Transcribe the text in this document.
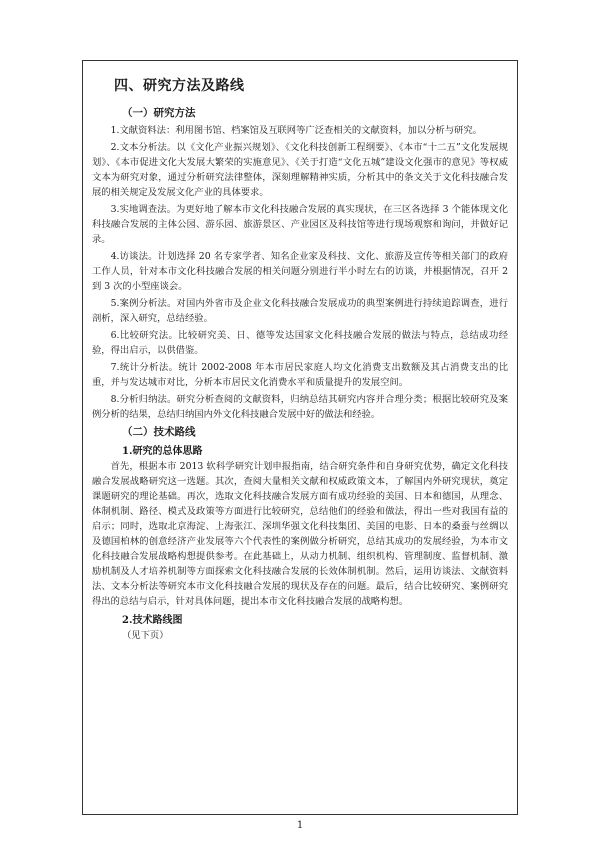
四、研究方法及路线
（一）研究方法

1.文献资料法：利用图书馆、档案馆及互联网等广泛查相关的文献资料，加以分析与研究。

2.文本分析法。以《文化产业振兴规划》、《文化科技创新工程纲要》、《本市“十二五”文化发展规划》、《本市促进文化大发展大繁荣的实施意见》、《关于打造“文化五城”建设文化强市的意见》等权威文本为研究对象，通过分析研究法律整体，深刻理解精神实质，分析其中的条文关于文化科技融合发展的相关规定及发展文化产业的具体要求。

3.实地调查法。为更好地了解本市文化科技融合发展的真实现状，在三区各选择 3 个能体现文化科技融合发展的主体公园、游乐园、旅游景区、产业园区及科技馆等进行现场观察和询问，并做好记录。

4.访谈法。计划选择 20 名专家学者、知名企业家及科技、文化、旅游及宣传等相关部门的政府工作人员，针对本市文化科技融合发展的相关问题分别进行半小时左右的访谈，并根据情况，召开 2 到 3 次的小型座谈会。

5.案例分析法。对国内外省市及企业文化科技融合发展成功的典型案例进行持续追踪调查，进行剖析，深入研究，总结经验。

6.比较研究法。比较研究美、日、德等发达国家文化科技融合发展的做法与特点，总结成功经验，得出启示，以供借鉴。

7.统计分析法。统计 2002-2008 年本市居民家庭人均文化消费支出数额及其占消费支出的比重，并与发达城市对比，分析本市居民文化消费水平和质量提升的发展空间。

8.分析归纳法。研究分析查阅的文献资料，归纳总结其研究内容并合理分类；根据比较研究及案例分析的结果，总结归纳国内外文化科技融合发展中好的做法和经验。

（二）技术路线
1.研究的总体思路

首先，根据本市 2013 软科学研究计划申报指南，结合研究条件和自身研究优势，确定文化科技融合发展战略研究这一选题。其次，查阅大量相关文献和权威政策文本，了解国内外研究现状，奠定课题研究的理论基础。再次，选取文化科技融合发展方面有成功经验的美国、日本和德国，从理念、体制机制、路径、模式及政策等方面进行比较研究，总结他们的经验和做法，得出一些对我国有益的启示；同时，选取北京海淀、上海张江、深圳华强文化科技集团、美国的电影、日本的桑蚕与丝绸以及德国柏林的创意经济产业发展等六个代表性的案例做分析研究，总结其成功的发展经验，为本市文化科技融合发展战略构想提供参考。在此基础上，从动力机制、组织机构、管理制度、监督机制、激励机制及人才培养机制等方面探索文化科技融合发展的长效体制机制。然后，运用访谈法、文献资料法、文本分析法等研究本市文化科技融合发展的现状及存在的问题。最后，结合比较研究、案例研究得出的总结与启示，针对具体问题，提出本市文化科技融合发展的战略构想。

2.技术路线图
（见下页）
1
